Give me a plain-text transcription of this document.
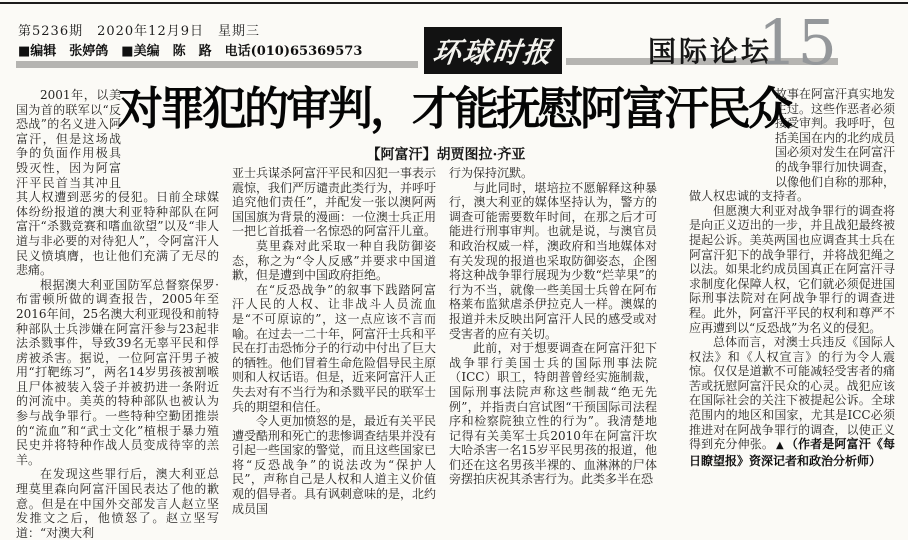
第5236期　2020年12月9日　星期三
■编辑　张婷鸽　■美编　陈　路　电话(010)65369573 环球时报	国际论坛
15
对罪犯的审判，才能抚慰阿富汗民众
【阿富汗】胡贾图拉·齐亚

2001年，以美国为首的联军以“反恐战”的名义进入阿富汗，但是这场战争的负面作用极具毁灭性，因为阿富汗平民首当其冲且其人权遭到恶劣的侵犯。日前全球媒体纷纷报道的澳大利亚特种部队在阿富汗“杀戮竞赛和嗜血欲望”以及“非人道与非必要的对待犯人”，令阿富汗人民义愤填膺，也让他们充满了无尽的悲痛。

根据澳大利亚国防军总督察保罗·布雷顿所做的调查报告，2005年至2016年间，25名澳大利亚现役和前特种部队士兵涉嫌在阿富汗参与23起非法杀戮事件，导致39名无辜平民和俘虏被杀害。据说，一位阿富汗男子被用“打靶练习”，两名14岁男孩被割喉且尸体被装入袋子并被扔进一条附近的河流中。美英的特种部队也被认为参与战争罪行。一些特种空勤团推崇的“流血”和“武士文化”植根于暴力殖民史并将特种作战人员变成待宰的羔羊。

在发现这些罪行后，澳大利亚总理莫里森向阿富汗国民表达了他的歉意。但是在中国外交部发言人赵立坚发推文之后，他愤怒了。赵立坚写道：“对澳大利

亚士兵谋杀阿富汗平民和囚犯一事表示震惊，我们严厉谴责此类行为，并呼吁追究他们责任”，并配发一张以澳阿两国国旗为背景的漫画：一位澳士兵正用一把匕首抵着一名惊恐的阿富汗儿童。

莫里森对此采取一种自我防御姿态，称之为“令人反感”并要求中国道歉，但是遭到中国政府拒绝。

在“反恐战争”的叙事下践踏阿富汗人民的人权、让非战斗人员流血是“不可原谅的”，这一点应该不言而喻。在过去一二十年，阿富汗士兵和平民在打击恐怖分子的行动中付出了巨大的牺牲。他们冒着生命危险倡导民主原则和人权话语。但是，近来阿富汗人正失去对有不当行为和杀戮平民的联军士兵的期望和信任。

令人更加愤怒的是，最近有关平民遭受酷刑和死亡的悲惨调查结果并没有引起一些国家的警觉，而且这些国家已将“反恐战争”的说法改为“保护人民”，声称自己是人权和人道主义价值观的倡导者。具有讽刺意味的是，北约成员国

行为保持沉默。

与此同时，堪培拉不愿解释这种暴行，澳大利亚的媒体坚持认为，警方的调查可能需要数年时间，在那之后才可能进行刑事审判。也就是说，与澳官员和政治权威一样，澳政府和当地媒体对有关发现的报道也采取防御姿态，企图将这种战争罪行展现为少数“烂苹果”的行为不当，就像一些美国士兵曾在阿布格莱布监狱虐杀伊拉克人一样。澳媒的报道并未反映出阿富汗人民的感受或对受害者的应有关切。

此前，对于想要调查在阿富汗犯下战争罪行美国士兵的国际刑事法院（ICC）职工，特朗普曾经实施制裁，国际刑事法院声称这些制裁“绝无先例”，并指责白宫试图“干预国际司法程序和检察院独立性的行为”。我清楚地记得有关美军士兵2010年在阿富汗坎大哈杀害一名15岁平民男孩的报道，他们还在这名男孩半裸的、血淋淋的尸体旁摆拍庆祝其杀害行为。此类多半在恐

故事在阿富汗真实地发生过。这些作恶者必须接受审判。我呼吁，包括美国在内的北约成员国必须对发生在阿富汗的战争罪行加快调查，以像他们自称的那种，做人权忠诚的支持者。

但愿澳大利亚对战争罪行的调查将是向正义迈出的一步，并且战犯最终被提起公诉。美英两国也应调查其士兵在阿富汗犯下的战争罪行，并将战犯绳之以法。如果北约成员国真正在阿富汗寻求制度化保障人权，它们就必须促进国际刑事法院对在阿战争罪行的调查进程。此外，阿富汗平民的权利和尊严不应再遭到以“反恐战”为名义的侵犯。

总体而言，对澳士兵违反《国际人权法》和《人权宣言》的行为令人震惊。仅仅是道歉不可能减轻受害者的痛苦或抚慰阿富汗民众的心灵。战犯应该在国际社会的关注下被提起公诉。全球范围内的地区和国家，尤其是ICC必须推进对在阿战争罪行的调查，以使正义得到充分伸张。 ▲ （作者是阿富汗《每日瞭望报》资深记者和政治分析师）
